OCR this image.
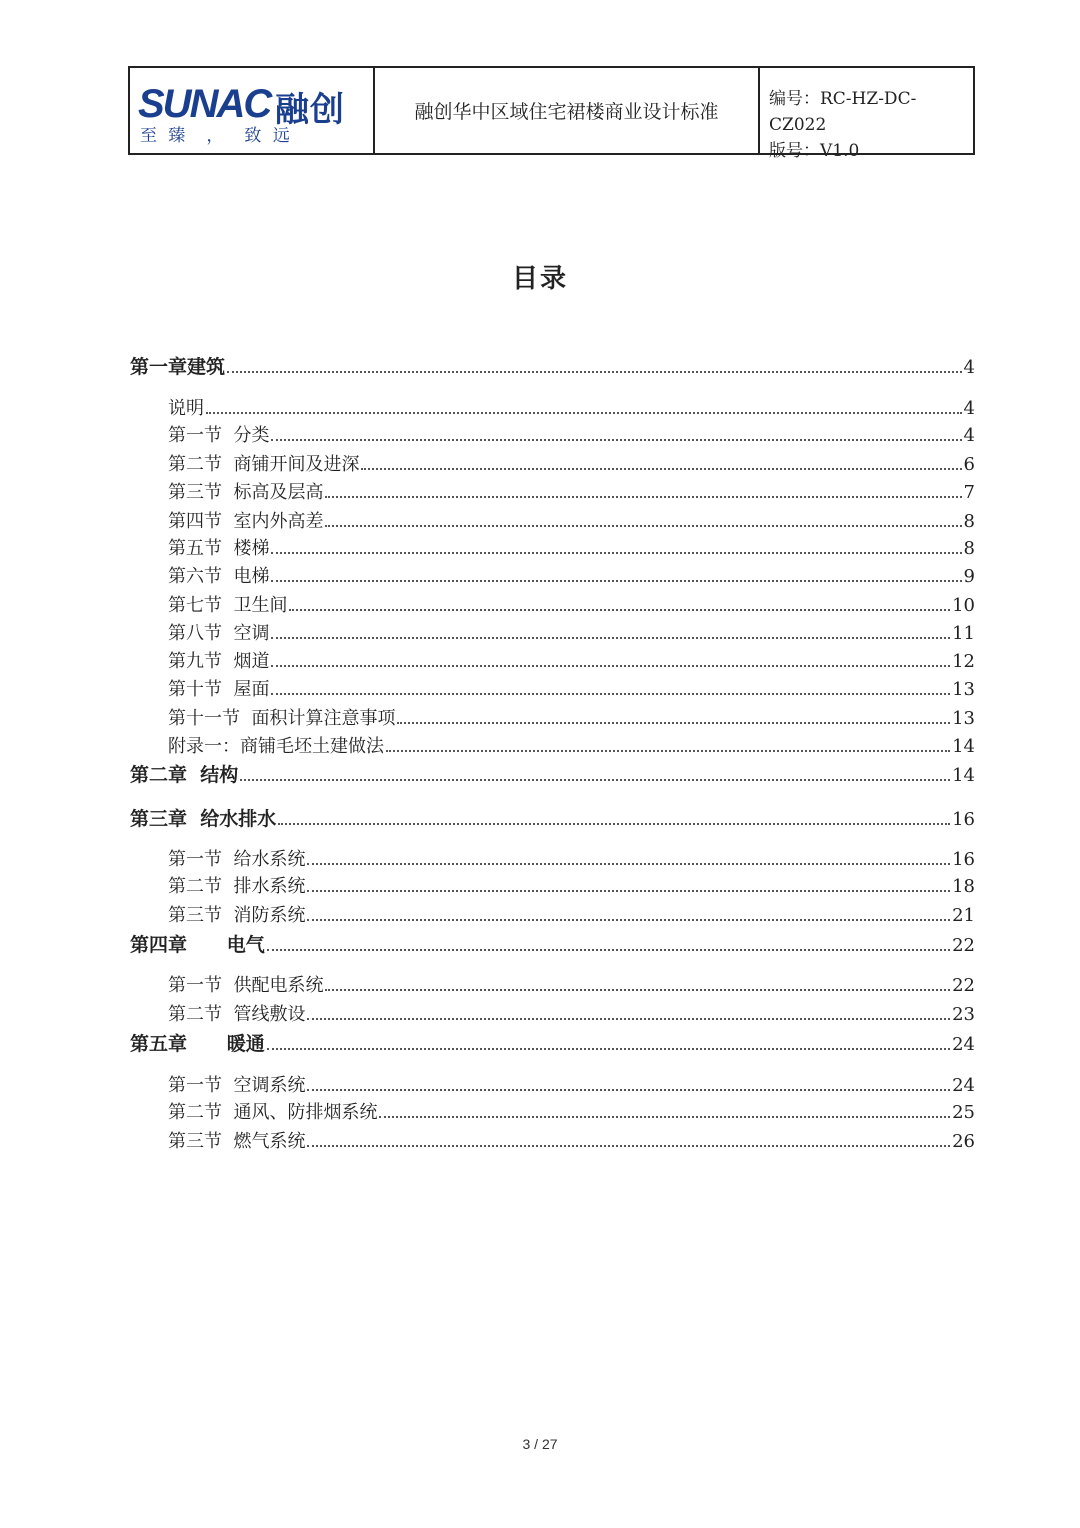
SUNAC 融创
至 臻 ， 致 远
融创华中区域住宅裙楼商业设计标准
编号：RC-HZ-DC-CZ022
版号：V1.0
目录
第一章建筑	4
说明	4
第一节  分类	4
第二节  商铺开间及进深	6
第三节  标高及层高	7
第四节  室内外高差	8
第五节  楼梯	8
第六节  电梯	9
第七节  卫生间	10
第八节  空调	11
第九节  烟道	12
第十节  屋面	13
第十一节  面积计算注意事项	13
附录一：商铺毛坯土建做法	14
第二章  结构	14
第三章  给水排水	16
第一节  给水系统	16
第二节  排水系统	18
第三节  消防系统	21
第四章      电气	22
第一节  供配电系统	22
第二节  管线敷设	23
第五章      暖通	24
第一节  空调系统	24
第二节  通风、防排烟系统	25
第三节  燃气系统	26
3 / 27
